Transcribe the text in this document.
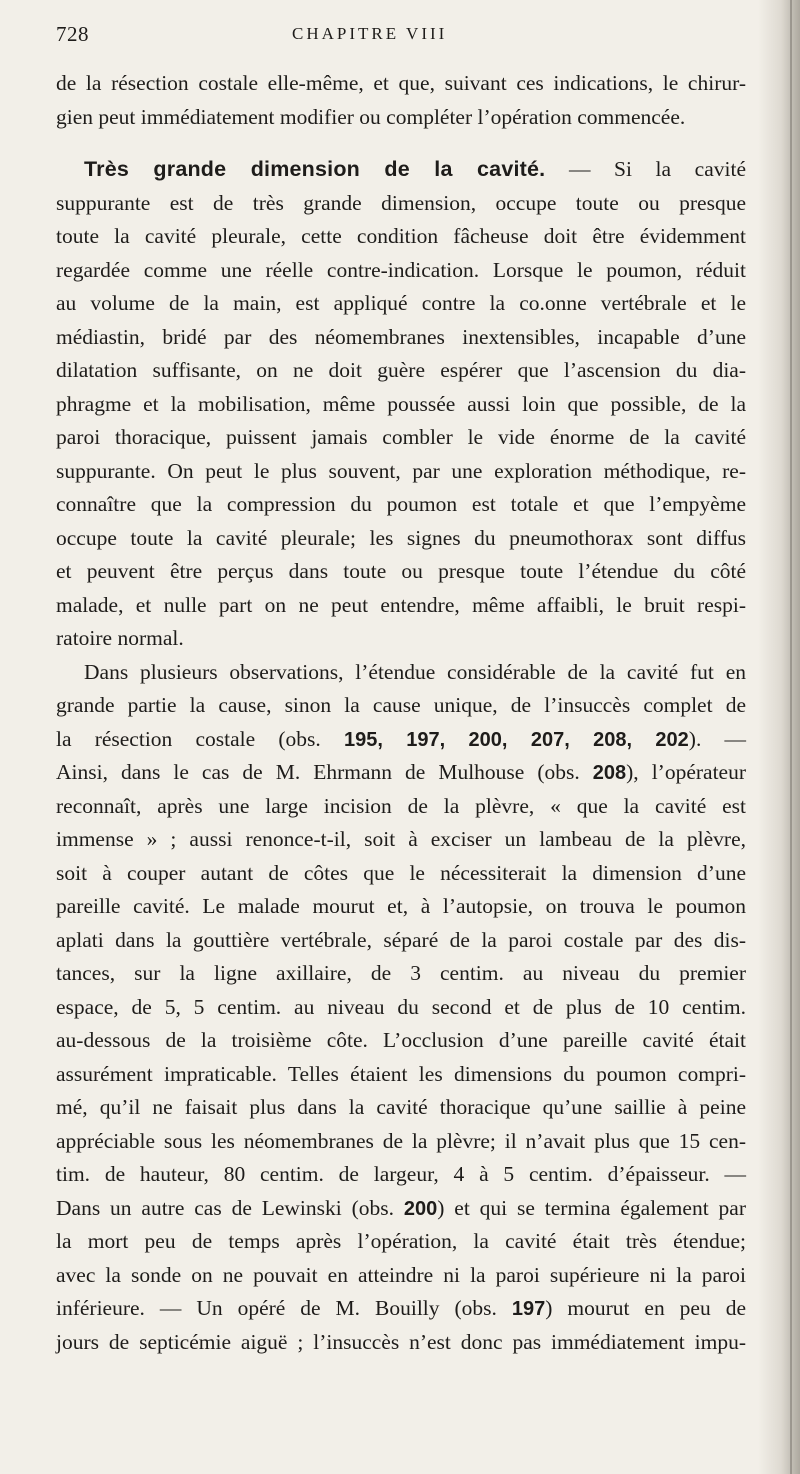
728	CHAPITRE VIII
de la résection costale elle-même, et que, suivant ces indications, le chirur-
gien peut immédiatement modifier ou compléter l’opération commencée.
Très grande dimension de la cavité. — Si la cavité
suppurante est de très grande dimension, occupe toute ou presque
toute la cavité pleurale, cette condition fâcheuse doit être évidemment
regardée comme une réelle contre-indication. Lorsque le poumon, réduit
au volume de la main, est appliqué contre la co.onne vertébrale et le
médiastin, bridé par des néomembranes inextensibles, incapable d’une
dilatation suffisante, on ne doit guère espérer que l’ascension du dia-
phragme et la mobilisation, même poussée aussi loin que possible, de la
paroi thoracique, puissent jamais combler le vide énorme de la cavité
suppurante. On peut le plus souvent, par une exploration méthodique, re-
connaître que la compression du poumon est totale et que l’empyème
occupe toute la cavité pleurale; les signes du pneumothorax sont diffus
et peuvent être perçus dans toute ou presque toute l’étendue du côté
malade, et nulle part on ne peut entendre, même affaibli, le bruit respi-
ratoire normal.
Dans plusieurs observations, l’étendue considérable de la cavité fut en
grande partie la cause, sinon la cause unique, de l’insuccès complet de
la résection costale (obs. 195, 197, 200, 207, 208, 202). —
Ainsi, dans le cas de M. Ehrmann de Mulhouse (obs. 208), l’opérateur
reconnaît, après une large incision de la plèvre, « que la cavité est
immense » ; aussi renonce-t-il, soit à exciser un lambeau de la plèvre,
soit à couper autant de côtes que le nécessiterait la dimension d’une
pareille cavité. Le malade mourut et, à l’autopsie, on trouva le poumon
aplati dans la gouttière vertébrale, séparé de la paroi costale par des dis-
tances, sur la ligne axillaire, de 3 centim. au niveau du premier
espace, de 5, 5 centim. au niveau du second et de plus de 10 centim.
au-dessous de la troisième côte. L’occlusion d’une pareille cavité était
assurément impraticable. Telles étaient les dimensions du poumon compri-
mé, qu’il ne faisait plus dans la cavité thoracique qu’une saillie à peine
appréciable sous les néomembranes de la plèvre; il n’avait plus que 15 cen-
tim. de hauteur, 80 centim. de largeur, 4 à 5 centim. d’épaisseur. —
Dans un autre cas de Lewinski (obs. 200) et qui se termina également par
la mort peu de temps après l’opération, la cavité était très étendue;
avec la sonde on ne pouvait en atteindre ni la paroi supérieure ni la paroi
inférieure. — Un opéré de M. Bouilly (obs. 197) mourut en peu de
jours de septicémie aiguë ; l’insuccès n’est donc pas immédiatement impu-
